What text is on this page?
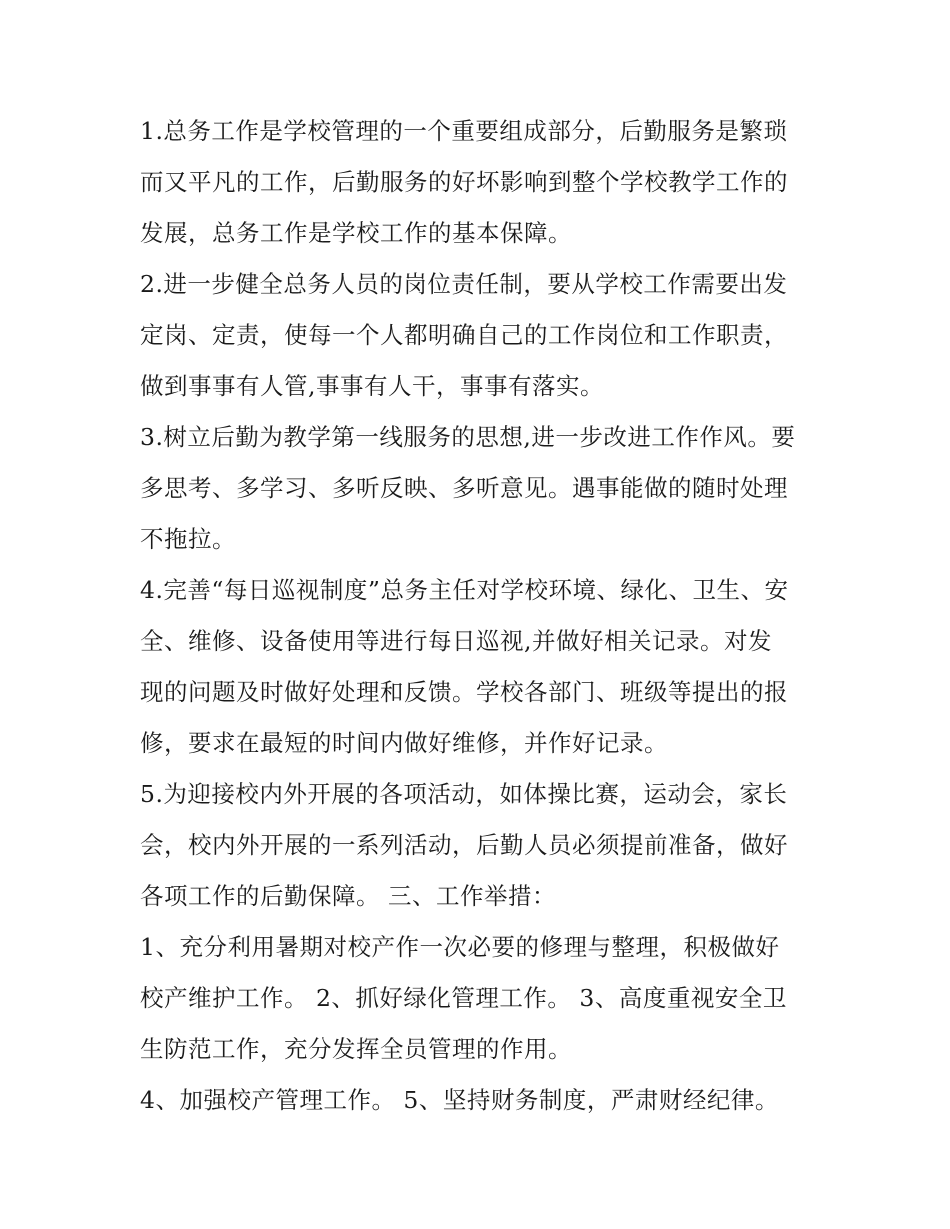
1.总务工作是学校管理的一个重要组成部分，后勤服务是繁琐
而又平凡的工作，后勤服务的好坏影响到整个学校教学工作的
发展，总务工作是学校工作的基本保障。

2.进一步健全总务人员的岗位责任制，要从学校工作需要出发
定岗、定责，使每一个人都明确自己的工作岗位和工作职责，
做到事事有人管,事事有人干，事事有落实。

3.树立后勤为教学第一线服务的思想,进一步改进工作作风。要
多思考、多学习、多听反映、多听意见。遇事能做的随时处理
不拖拉。

4.完善“每日巡视制度”总务主任对学校环境、绿化、卫生、安
全、维修、设备使用等进行每日巡视,并做好相关记录。对发
现的问题及时做好处理和反馈。学校各部门、班级等提出的报
修，要求在最短的时间内做好维修，并作好记录。

5.为迎接校内外开展的各项活动，如体操比赛，运动会，家长
会，校内外开展的一系列活动，后勤人员必须提前准备，做好
各项工作的后勤保障。 三、工作举措：

1、充分利用暑期对校产作一次必要的修理与整理，积极做好
校产维护工作。 2、抓好绿化管理工作。 3、高度重视安全卫
生防范工作，充分发挥全员管理的作用。

4、加强校产管理工作。 5、坚持财务制度，严肃财经纪律。
